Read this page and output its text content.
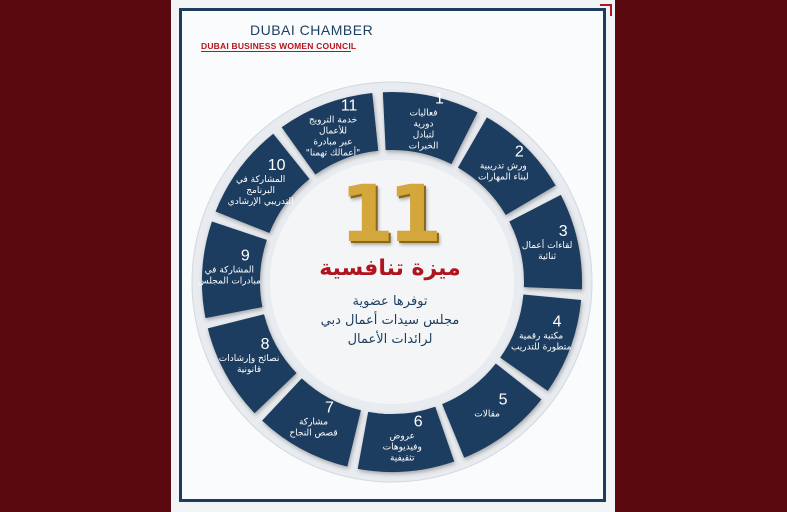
DUBAI CHAMBER
DUBAI BUSINESS WOMEN COUNCIL
1
فعاليات
دورية
لتبادل
الخبرات	2
ورش تدريبية
لبناء المهارات
3
لقاءات أعمال
ثنائية
4
مكتبة رقمية
متطورة للتدريب
5
مقالات
6
عروض
وفيديوهات
تثقيفية
7
مشاركة
قصص النجاح
8
نصائح وإرشادات
قانونية
9
المشاركة في
مبادرات المجلس
10
المشاركة في
البرنامج
التدريبي الإرشادي
11
خدمة الترويج
للأعمال
عبر مبادرة
"أعمالك تهمنا"
11
ميزة تنافسية
توفرها عضوية
مجلس سيدات أعمال دبي
لرائدات الأعمال
